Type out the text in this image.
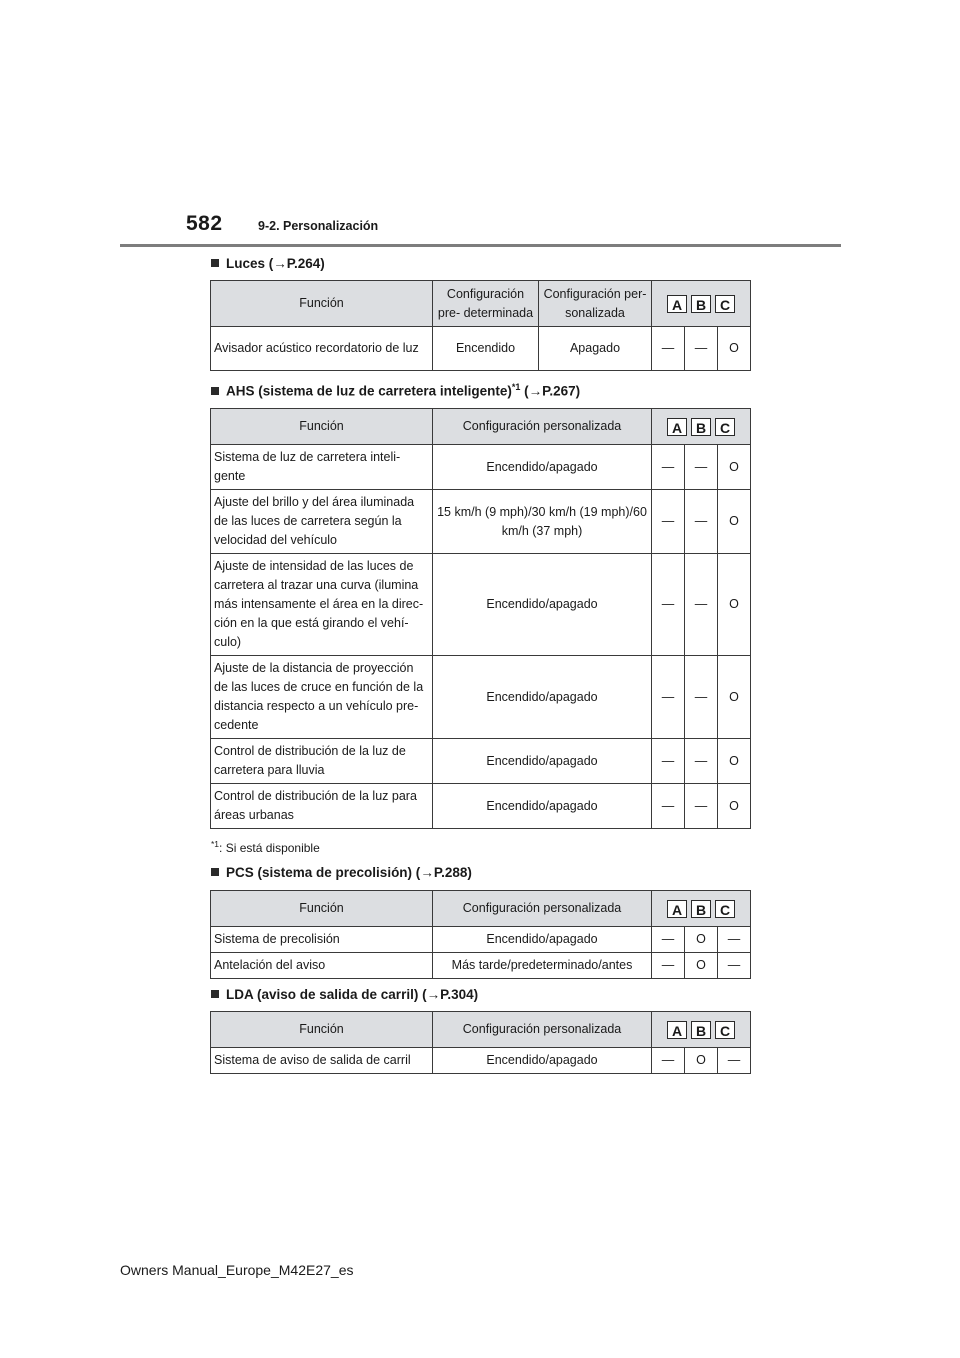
582	9-2. Personalización
Luces (→P.264)
Función	Configuración pre- determinada	Configuración per- sonalizada	A B C		

Avisador acústico recordatorio de luz	Encendido	Apagado	—	—	O
AHS (sistema de luz de carretera inteligente)$^{*1}$ (→P.267)
Función	Configuración personalizada	A B C		

Sistema de luz de carretera inteli- gente	Encendido/apagado	—	—	O
Ajuste del brillo y del área iluminada de las luces de carretera según la velocidad del vehículo	15 km/h (9 mph)/30 km/h (19 mph)/60 km/h (37 mph)	—	—	O
Ajuste de intensidad de las luces de carretera al trazar una curva (ilumina más intensamente el área en la direc- ción en la que está girando el vehí- culo)	Encendido/apagado	—	—	O
Ajuste de la distancia de proyección de las luces de cruce en función de la distancia respecto a un vehículo pre- cedente	Encendido/apagado	—	—	O
Control de distribución de la luz de carretera para lluvia	Encendido/apagado	—	—	O
Control de distribución de la luz para áreas urbanas	Encendido/apagado	—	—	O
$^{*1}$: Si está disponible
PCS (sistema de precolisión) (→P.288)
Función	Configuración personalizada	A B C		

Sistema de precolisión	Encendido/apagado	—	O	—
Antelación del aviso	Más tarde/predeterminado/antes	—	O	—
LDA (aviso de salida de carril) (→P.304)
Función	Configuración personalizada	A B C		

Sistema de aviso de salida de carril	Encendido/apagado	—	O	—
Owners Manual_Europe_M42E27_es
